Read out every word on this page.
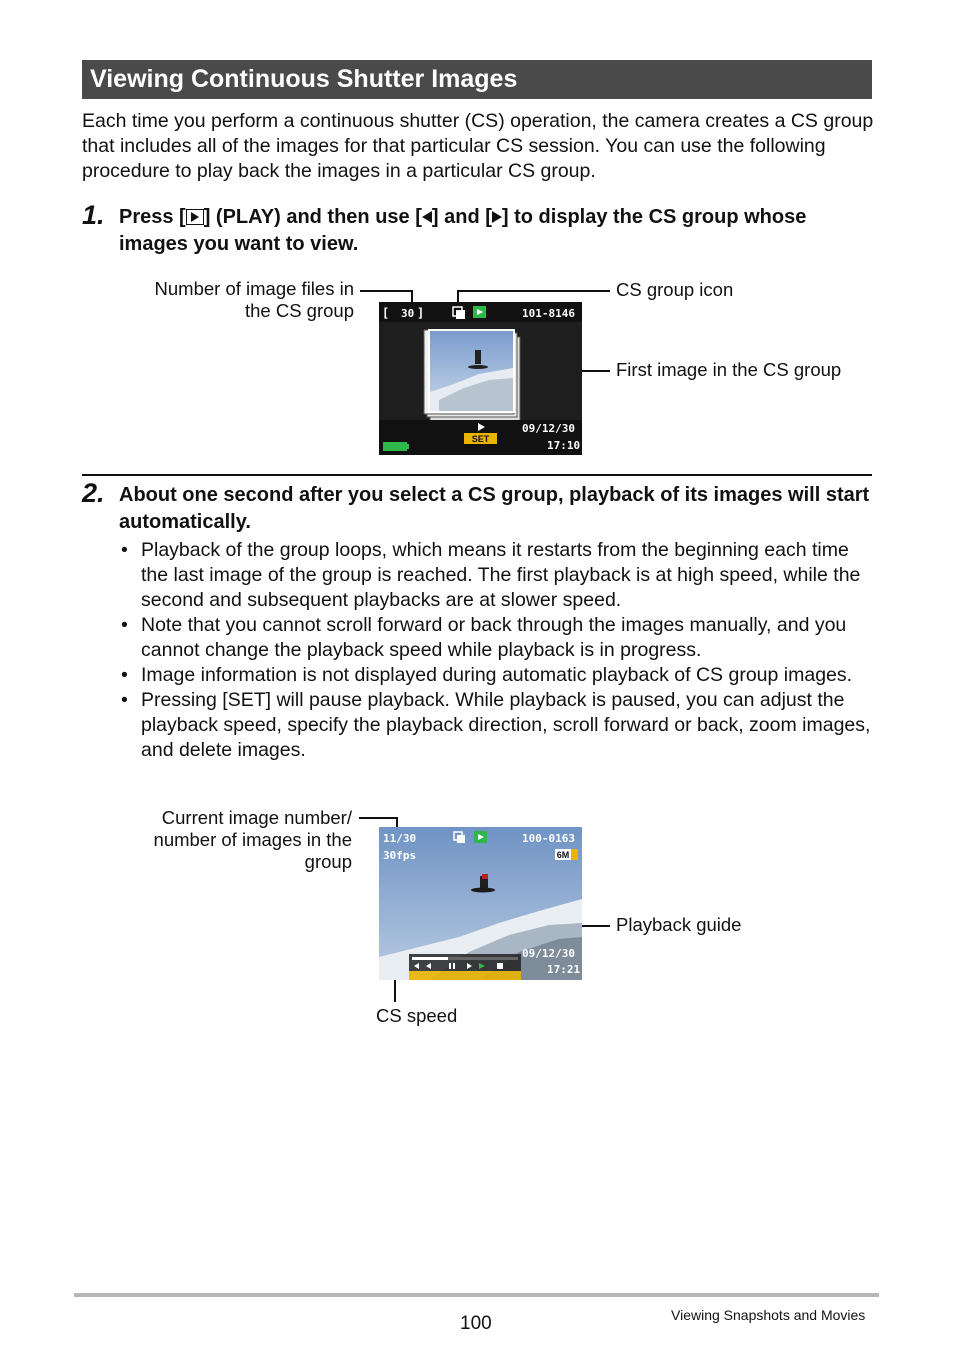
Viewing Continuous Shutter Images
Each time you perform a continuous shutter (CS) operation, the camera creates a CS group that includes all of the images for that particular CS session. You can use the following procedure to play back the images in a particular CS group.
1. Press [ ] (PLAY) and then use [ ] and [ ] to display the CS group whose images you want to view.
Number of image files in
the CS group
CS group icon
First image in the CS group
[ 30 ]	101-8146
SET
09/12/30
17:10
2. About one second after you select a CS group, playback of its images will start automatically.
• Playback of the group loops, which means it restarts from the beginning each time the last image of the group is reached. The first playback is at high speed, while the second and subsequent playbacks are at slower speed.
• Note that you cannot scroll forward or back through the images manually, and you cannot change the playback speed while playback is in progress.
• Image information is not displayed during automatic playback of CS group images.
• Pressing [SET] will pause playback. While playback is paused, you can adjust the playback speed, specify the playback direction, scroll forward or back, zoom images, and delete images.
Current image number/
number of images in the
group
Playback guide
CS speed
11/30
30fps
100-0163
6M
09/12/30
17:21
100	Viewing Snapshots and Movies
